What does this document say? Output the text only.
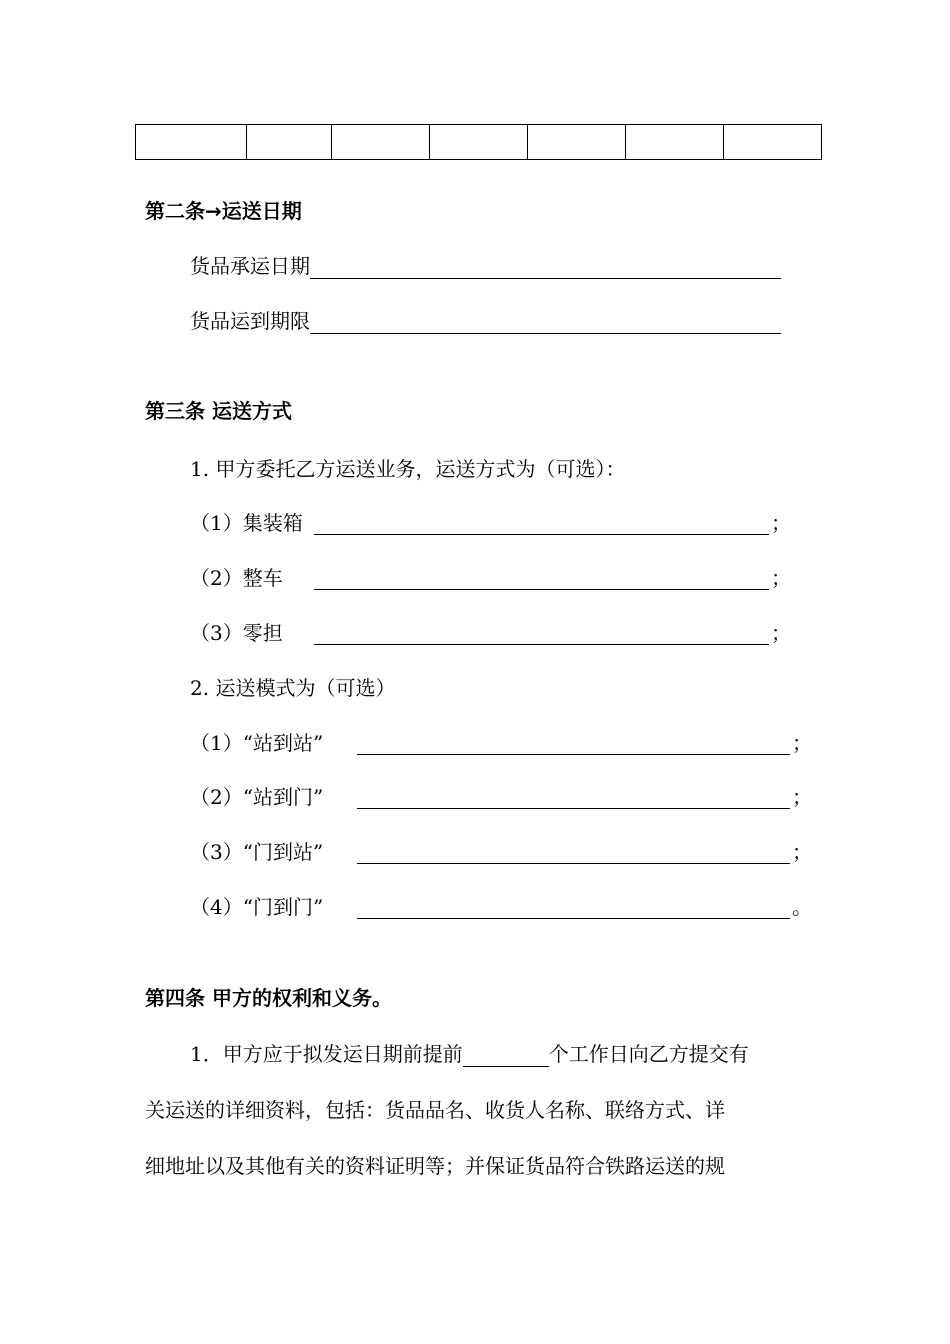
第二条→运送日期
货品承运日期
货品运到期限
第三条 运送方式
1. 甲方委托乙方运送业务，运送方式为（可选）：
（1）集装箱	；
（2）整车	；
（3）零担	；
2. 运送模式为（可选）
（1）“站到站”	；
（2）“站到门”	；
（3）“门到站”	；
（4）“门到门”	。
第四条 甲方的权利和义务。
1．甲方应于拟发运日期前提前	个工作日向乙方提交有
关运送的详细资料，包括：货品品名、收货人名称、联络方式、详
细地址以及其他有关的资料证明等；并保证货品符合铁路运送的规
